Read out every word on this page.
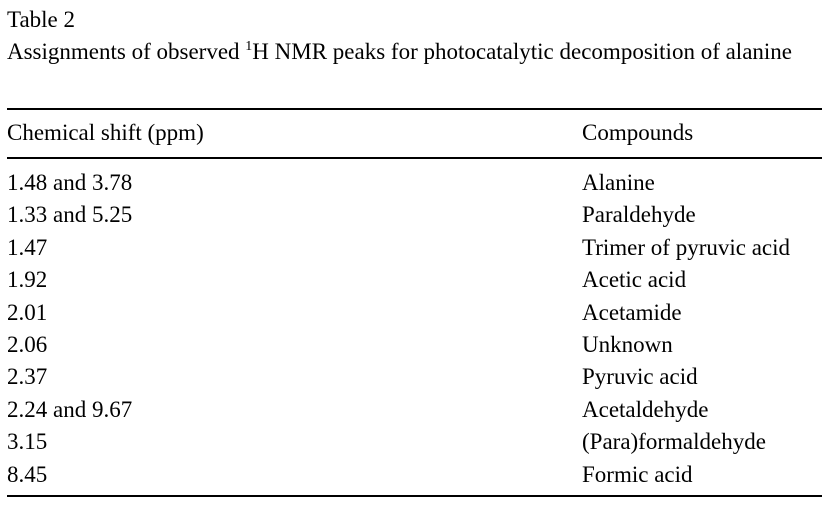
Table 2
Assignments of observed $^1$H NMR peaks for photocatalytic decomposition of alanine
Chemical shift (ppm)	Compounds
1.48 and 3.78	Alanine
1.33 and 5.25	Paraldehyde
1.47	Trimer of pyruvic acid
1.92	Acetic acid
2.01	Acetamide
2.06	Unknown
2.37	Pyruvic acid
2.24 and 9.67	Acetaldehyde
3.15	(Para)formaldehyde
8.45	Formic acid
